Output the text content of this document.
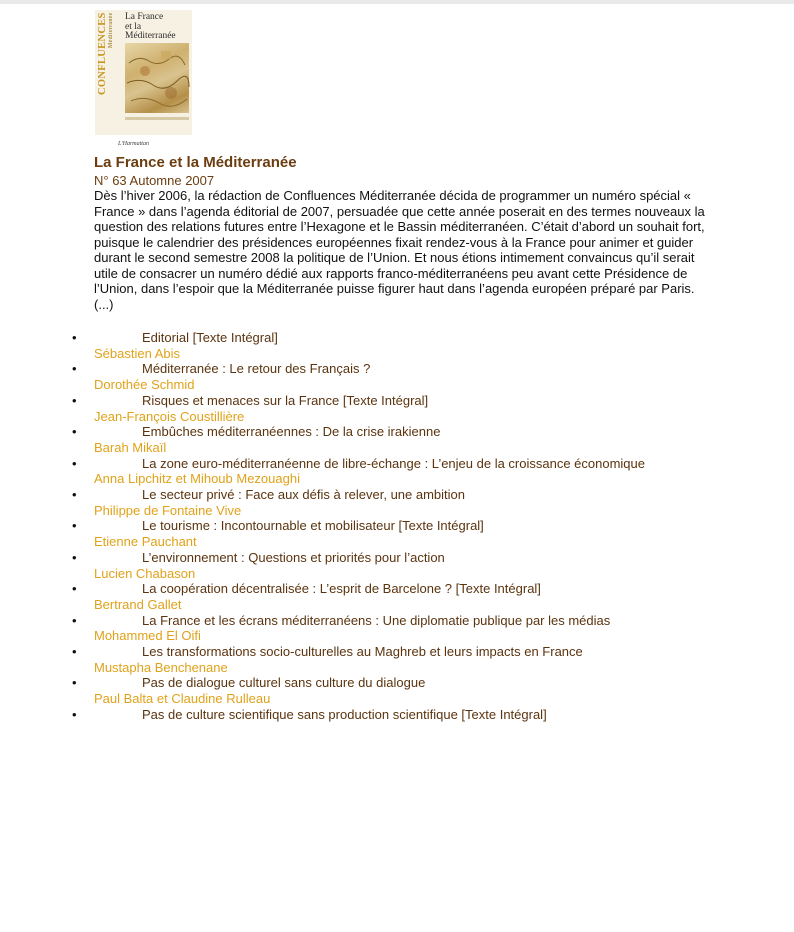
CONFLUENCES Méditerranée	La France
et la
Méditerranée
L'Harmattan
La France et la Méditerranée
N° 63 Automne 2007

Dès l’hiver 2006, la rédaction de Confluences Méditerranée décida de programmer un numéro spécial « France » dans l’agenda éditorial de 2007, persuadée que cette année poserait en des termes nouveaux la question des relations futures entre l’Hexagone et le Bassin méditerranéen. C’était d’abord un souhait fort, puisque le calendrier des présidences européennes fixait rendez-vous à la France pour animer et guider durant le second semestre 2008 la politique de l’Union. Et nous étions intimement convaincus qu’il serait utile de consacrer un numéro dédié aux rapports franco-méditerranéens peu avant cette Présidence de l’Union, dans l’espoir que la Méditerranée puisse figurer haut dans l’agenda européen préparé par Paris.(...)

•	Editorial [Texte Intégral]
Sébastien Abis
•	Méditerranée : Le retour des Français ?
Dorothée Schmid
•	Risques et menaces sur la France [Texte Intégral]
Jean-François Coustillière
•	Embûches méditerranéennes : De la crise irakienne
Barah Mikaïl
•	La zone euro-méditerranéenne de libre-échange : L’enjeu de la croissance économique
Anna Lipchitz et Mihoub Mezouaghi
•	Le secteur privé : Face aux défis à relever, une ambition
Philippe de Fontaine Vive
•	Le tourisme : Incontournable et mobilisateur [Texte Intégral]
Etienne Pauchant
•	L’environnement : Questions et priorités pour l’action
Lucien Chabason
•	La coopération décentralisée : L’esprit de Barcelone ? [Texte Intégral]
Bertrand Gallet
•	La France et les écrans méditerranéens : Une diplomatie publique par les médias
Mohammed El Oifi
•	Les transformations socio-culturelles au Maghreb et leurs impacts en France
Mustapha Benchenane
•	Pas de dialogue culturel sans culture du dialogue
Paul Balta et Claudine Rulleau
•	Pas de culture scientifique sans production scientifique [Texte Intégral]
